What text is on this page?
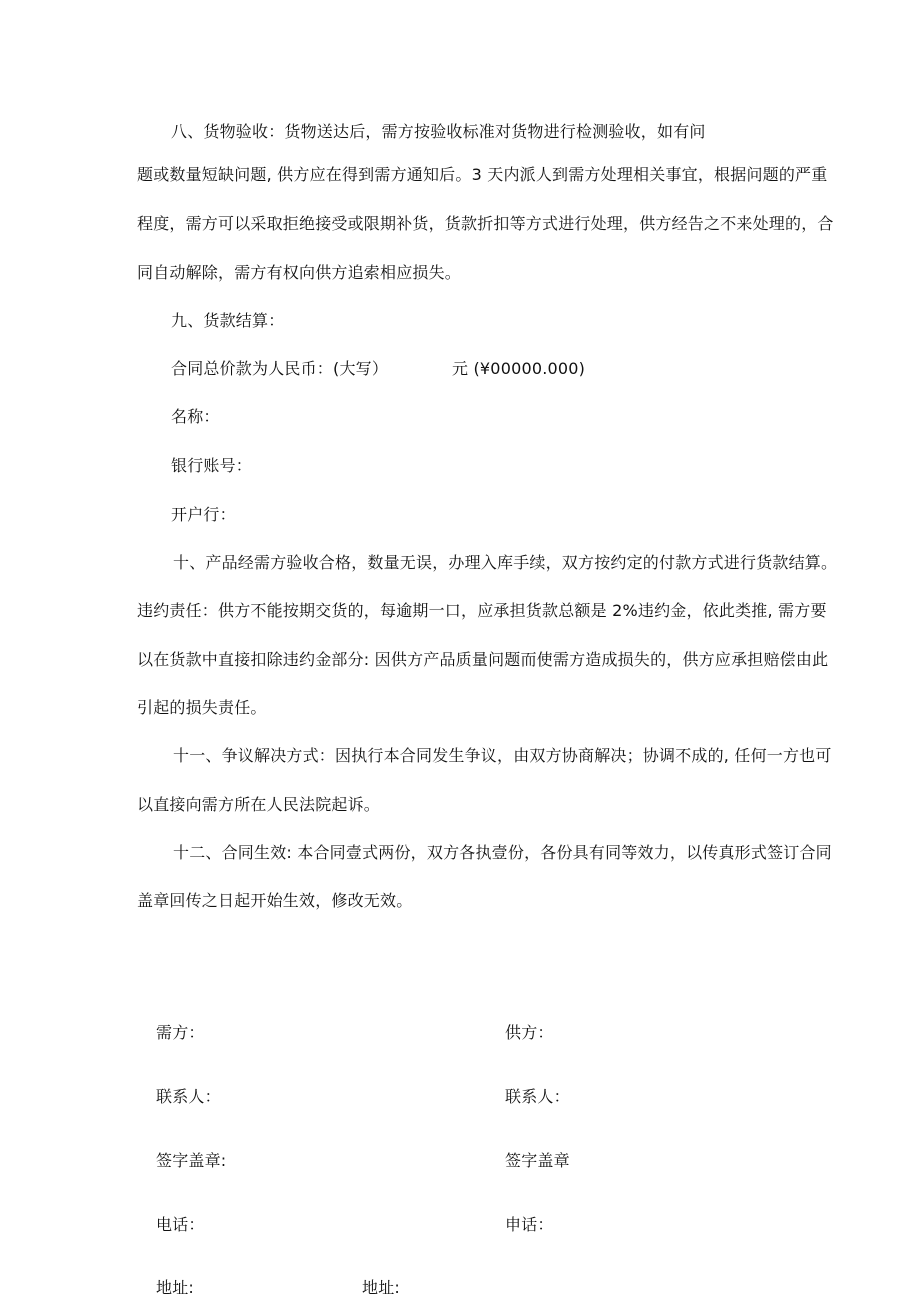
八、货物验收：货物送达后，需方按验收标准对货物进行检测验收，如有问
题或数量短缺问题, 供方应在得到需方通知后。3 天内派人到需方处理相关事宜，根据问题的严重
程度，需方可以采取拒绝接受或限期补货，货款折扣等方式进行处理，供方经告之不来处理的，合
同自动解除，需方有权向供方追索相应损失。
九、货款结算：
合同总价款为人民币：(大写）	元 (¥00000.000)
名称：
银行账号：
开户行：
十、产品经需方验收合格，数量无误，办理入库手续，双方按约定的付款方式进行货款结算。
违约责任：供方不能按期交货的，每逾期一口，应承担货款总额是 2%违约金，依此类推, 需方要
以在货款中直接扣除违约金部分: 因供方产品质量问题而使需方造成损失的，供方应承担赔偿由此
引起的损失责任。
十一、争议解决方式：因执行本合同发生争议，由双方协商解决；协调不成的, 任何一方也可
以直接向需方所在人民法院起诉。
十二、合同生效: 本合同壹式两份，双方各执壹份，各份具有同等效力，以传真形式签订合同
盖章回传之日起开始生效，修改无效。
需方：
联系人：
签字盖章:
电话：
地址:
供方：
联系人：
签字盖章
申话：
地址:
